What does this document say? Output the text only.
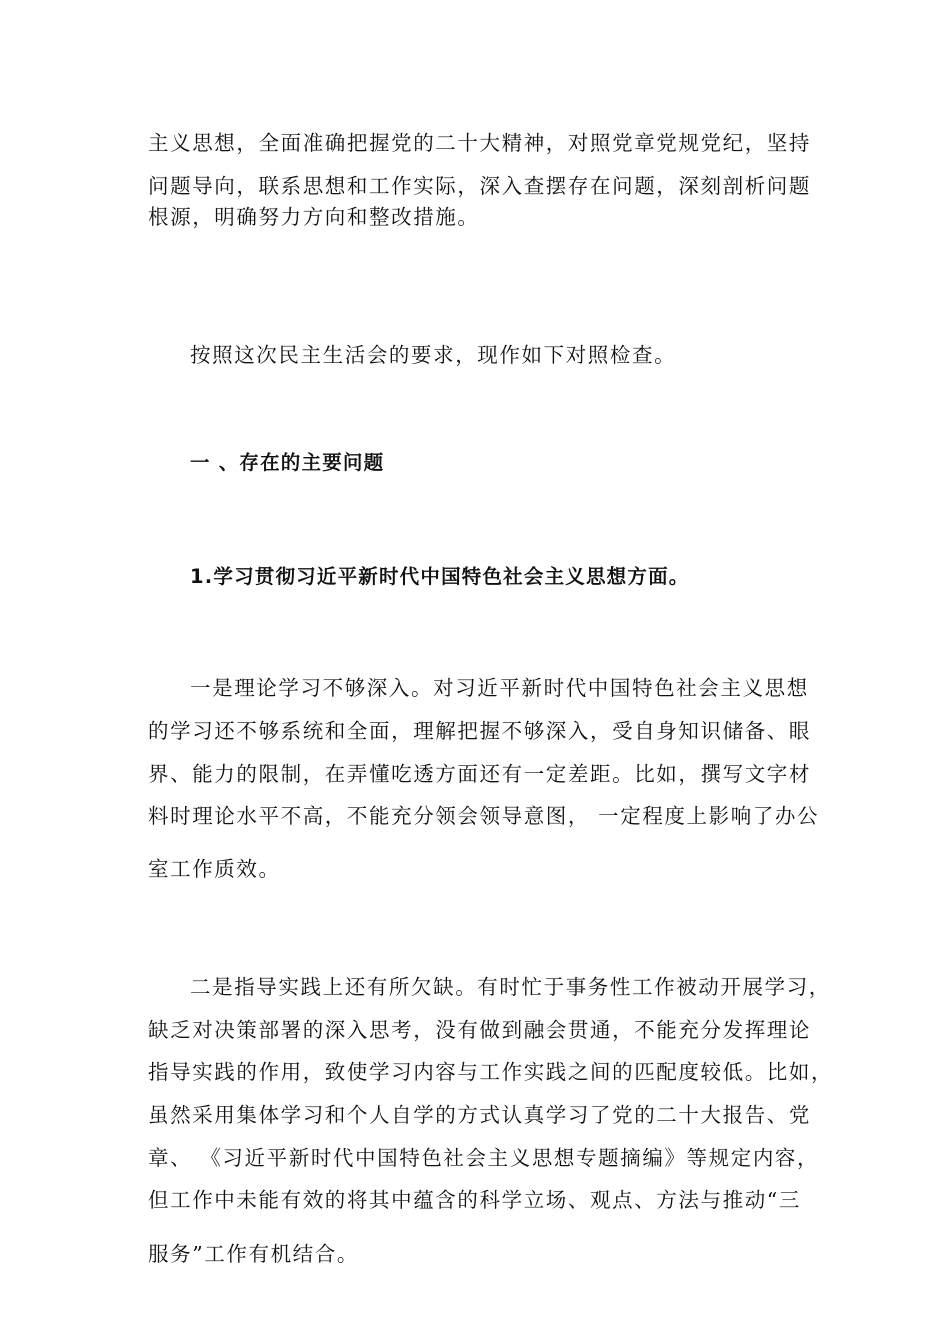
主义思想，全面准确把握党的二十大精神，对照党章党规党纪，坚持
问题导向，联系思想和工作实际，深入查摆存在问题，深刻剖析问题
根源，明确努力方向和整改措施。
按照这次民主生活会的要求，现作如下对照检查。
一 、存在的主要问题
1.学习贯彻习近平新时代中国特色社会主义思想方面。
一是理论学习不够深入。对习近平新时代中国特色社会主义思想
的学习还不够系统和全面，理解把握不够深入，受自身知识储备、眼
界、能力的限制，在弄懂吃透方面还有一定差距。比如，撰写文字材
料时理论水平不高，不能充分领会领导意图， 一定程度上影响了办公
室工作质效。
二是指导实践上还有所欠缺。有时忙于事务性工作被动开展学习，
缺乏对决策部署的深入思考，没有做到融会贯通，不能充分发挥理论
指导实践的作用，致使学习内容与工作实践之间的匹配度较低。比如，
虽然采用集体学习和个人自学的方式认真学习了党的二十大报告、党
章、 《习近平新时代中国特色社会主义思想专题摘编》等规定内容，
但工作中未能有效的将其中蕴含的科学立场、观点、方法与推动“三
服务”工作有机结合。
